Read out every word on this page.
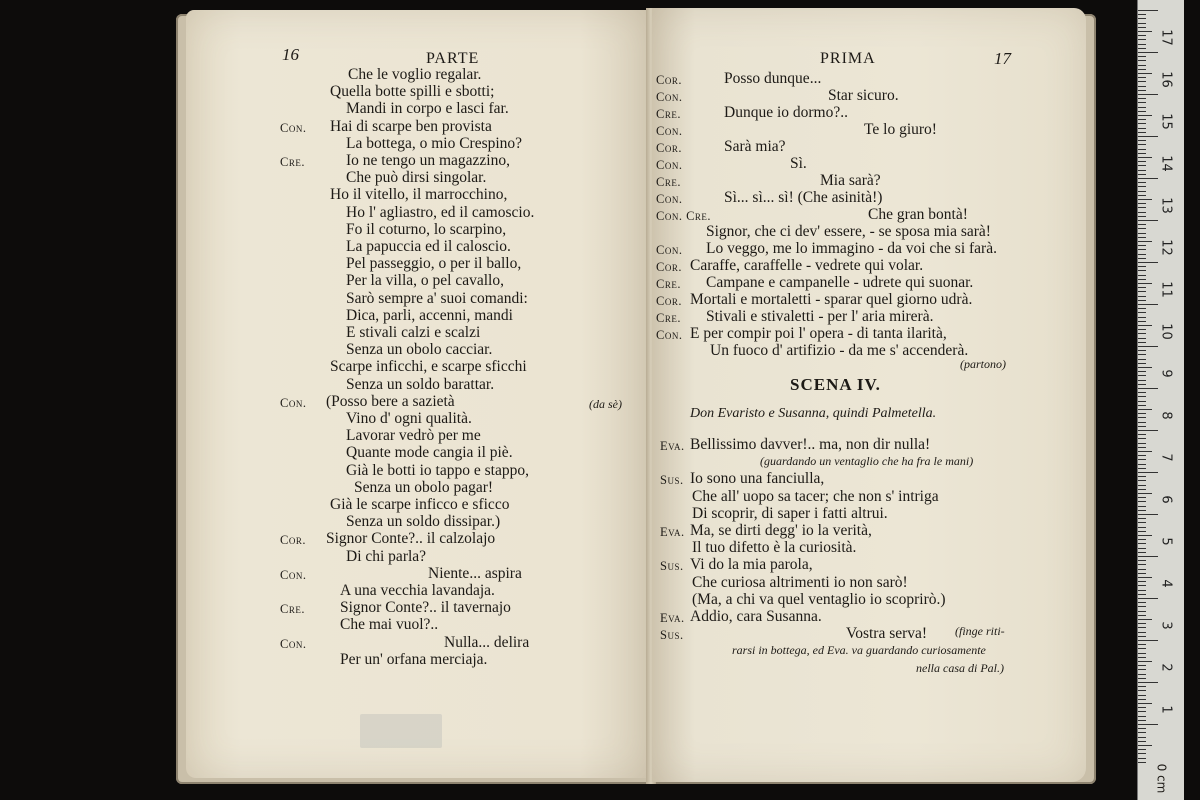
16	PARTE
(da sè)
Che le voglio regalar.
Quella botte spilli e sbotti;
Mandi in corpo e lasci far.
Con. Hai di scarpe ben provista
La bottega, o mio Crespino?
Cre.	Io ne tengo un magazzino,
Che può dirsi singolar.
Ho il vitello, il marrocchino,
Ho l' agliastro, ed il camoscio.
Fo il coturno, lo scarpino,
La papuccia ed il caloscio.
Pel passeggio, o per il ballo,
Per la villa, o pel cavallo,
Sarò sempre a' suoi comandi:
Dica, parli, accenni, mandi
E stivali calzi e scalzi
Senza un obolo cacciar.
Scarpe inficchi, e scarpe sficchi
Senza un soldo barattar.
Con. (Posso bere a sazietà
Vino d' ogni qualità.
Lavorar vedrò per me
Quante mode cangia il piè.
Già le botti io tappo e stappo,
Senza un obolo pagar!
Già le scarpe inficco e sficco
Senza un soldo dissipar.)
Cor. Signor Conte?.. il calzolajo
Di chi parla?
Con.	Niente... aspira
A una vecchia lavandaja.
Cre. Signor Conte?.. il tavernajo
Che mai vuol?..
Con.	Nulla... delira
Per un' orfana merciaja.
PRIMA	17
Cor.	Posso dunque...
Con.	Star sicuro.
Cre.	Dunque io dormo?..
Con.	Te lo giuro!
Cor.	Sarà mia?
Con.	Sì.
Cre.	Mia sarà?
Con.	Sì... sì... sì! (Che asinità!)
Con. Cre.	Che gran bontà!
Signor, che ci dev' essere, - se sposa mia sarà!
Con. Lo veggo, me lo immagino - da voi che si farà.
Cor. Caraffe, caraffelle - vedrete qui volar.
Cre. Campane e campanelle - udrete qui suonar.
Cor. Mortali e mortaletti - sparar quel giorno udrà.
Cre. Stivali e stivaletti - per l' aria mirerà.
Con. E per compir poi l' opera - di tanta ilarità,
Un fuoco d' artifizio - da me s' accenderà.
(partono)
SCENA IV.
Don Evaristo e Susanna, quindi Palmetella.
Eva. Bellissimo davver!.. ma, non dir nulla!
(guardando un ventaglio che ha fra le mani)
Sus. Io sono una fanciulla,
Che all' uopo sa tacer; che non s' intriga
Di scoprir, di saper i fatti altrui.
Eva. Ma, se dirti degg' io la verità,
Il tuo difetto è la curiosità.
Sus. Vi do la mia parola,
Che curiosa altrimenti io non sarò!
(Ma, a chi va quel ventaglio io scoprirò.)
Eva. Addio, cara Susanna.
Sus.	Vostra serva! (finge riti-
rarsi in bottega, ed Eva. va guardando curiosamente
nella casa di Pal.)
0 cm
17
16
15
14
13
12
11
10
9
8
7
6
5
4
3
2
1
